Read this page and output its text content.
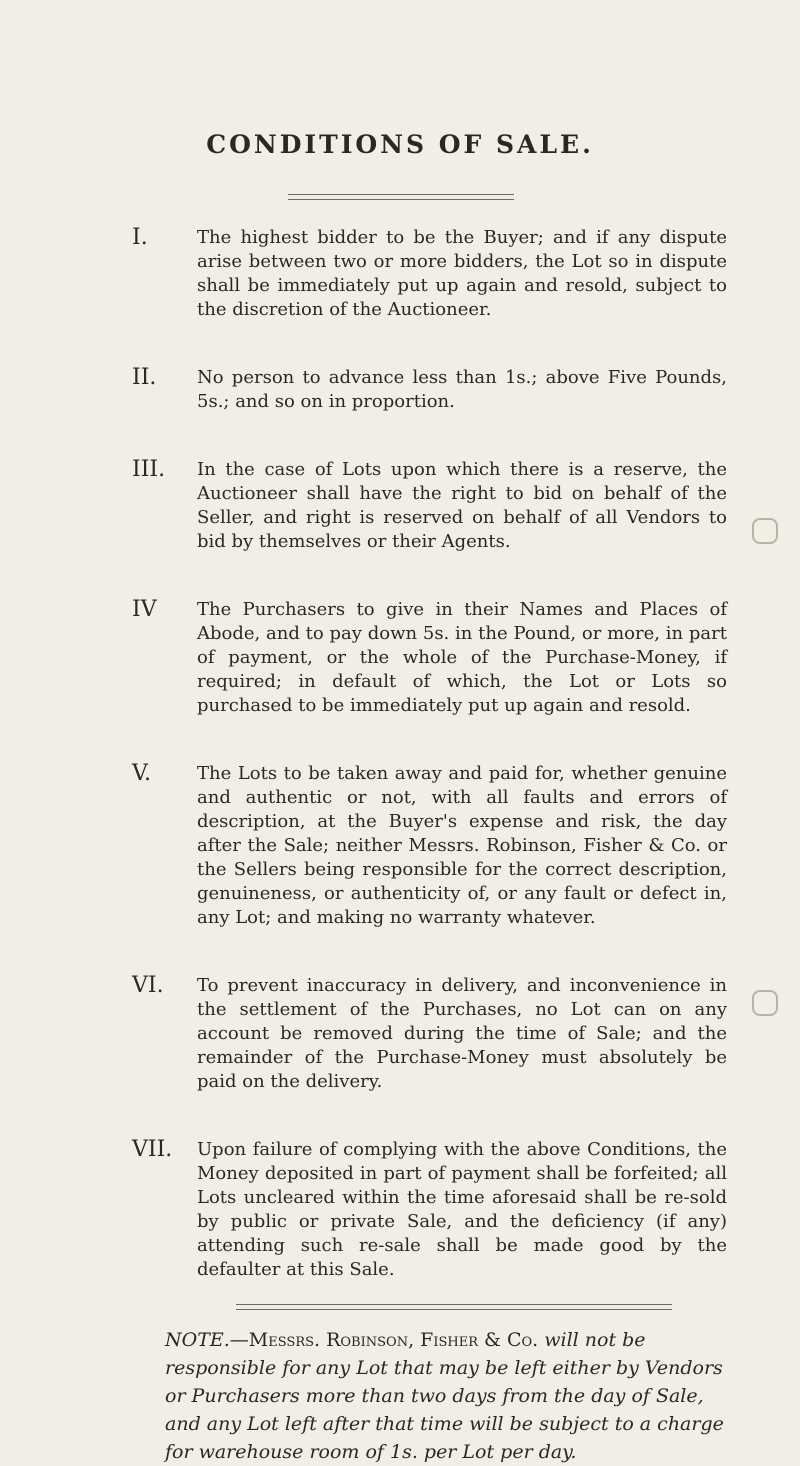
CONDITIONS OF SALE.
I.	The highest bidder to be the Buyer; and if any dispute arise between two or more bidders, the Lot so in dispute shall be immediately put up again and resold, subject to the discretion of the Auctioneer.
II.	No person to advance less than 1s.; above Five Pounds, 5s.; and so on in proportion.
III.	In the case of Lots upon which there is a reserve, the Auctioneer shall have the right to bid on behalf of the Seller, and right is reserved on behalf of all Vendors to bid by themselves or their Agents.
IV	The Purchasers to give in their Names and Places of Abode, and to pay down 5s. in the Pound, or more, in part of payment, or the whole of the Purchase-Money, if required; in default of which, the Lot or Lots so purchased to be immediately put up again and resold.
V.	The Lots to be taken away and paid for, whether genuine and authentic or not, with all faults and errors of description, at the Buyer's expense and risk, the day after the Sale; neither Messrs. Robinson, Fisher & Co. or the Sellers being responsible for the correct description, genuineness, or authenticity of, or any fault or defect in, any Lot; and making no warranty whatever.
VI.	To prevent inaccuracy in delivery, and inconvenience in the settlement of the Purchases, no Lot can on any account be removed during the time of Sale; and the remainder of the Purchase-Money must absolutely be paid on the delivery.
VII.	Upon failure of complying with the above Conditions, the Money deposited in part of payment shall be forfeited; all Lots uncleared within the time aforesaid shall be re-sold by public or private Sale, and the deficiency (if any) attending such re-sale shall be made good by the defaulter at this Sale.
NOTE.—Messrs. Robinson, Fisher & Co. will not be responsible for any Lot that may be left either by Vendors or Purchasers more than two days from the day of Sale, and any Lot left after that time will be subject to a charge for warehouse room of 1s. per Lot per day.
